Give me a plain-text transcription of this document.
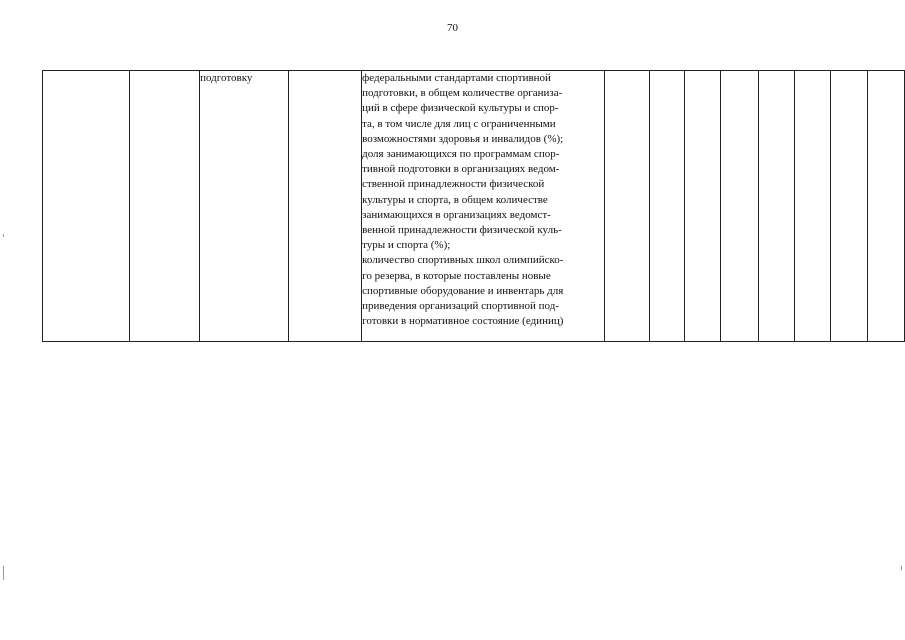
70
		подготовку		федеральными стандартами спортивной
подготовки, в общем количестве организа-
ций в сфере физической культуры и спор-
та, в том числе для лиц с ограниченными
возможностями здоровья и инвалидов (%);
доля занимающихся по программам спор-
тивной подготовки в организациях ведом-
ственной принадлежности физической
культуры и спорта, в общем количестве
занимающихся в организациях ведомст-
венной принадлежности физической куль-
туры и спорта (%);
количество спортивных школ олимпийско-
го резерва, в которые поставлены новые
спортивные оборудование и инвентарь для
приведения организаций спортивной под-
готовки в нормативное состояние (единиц)
